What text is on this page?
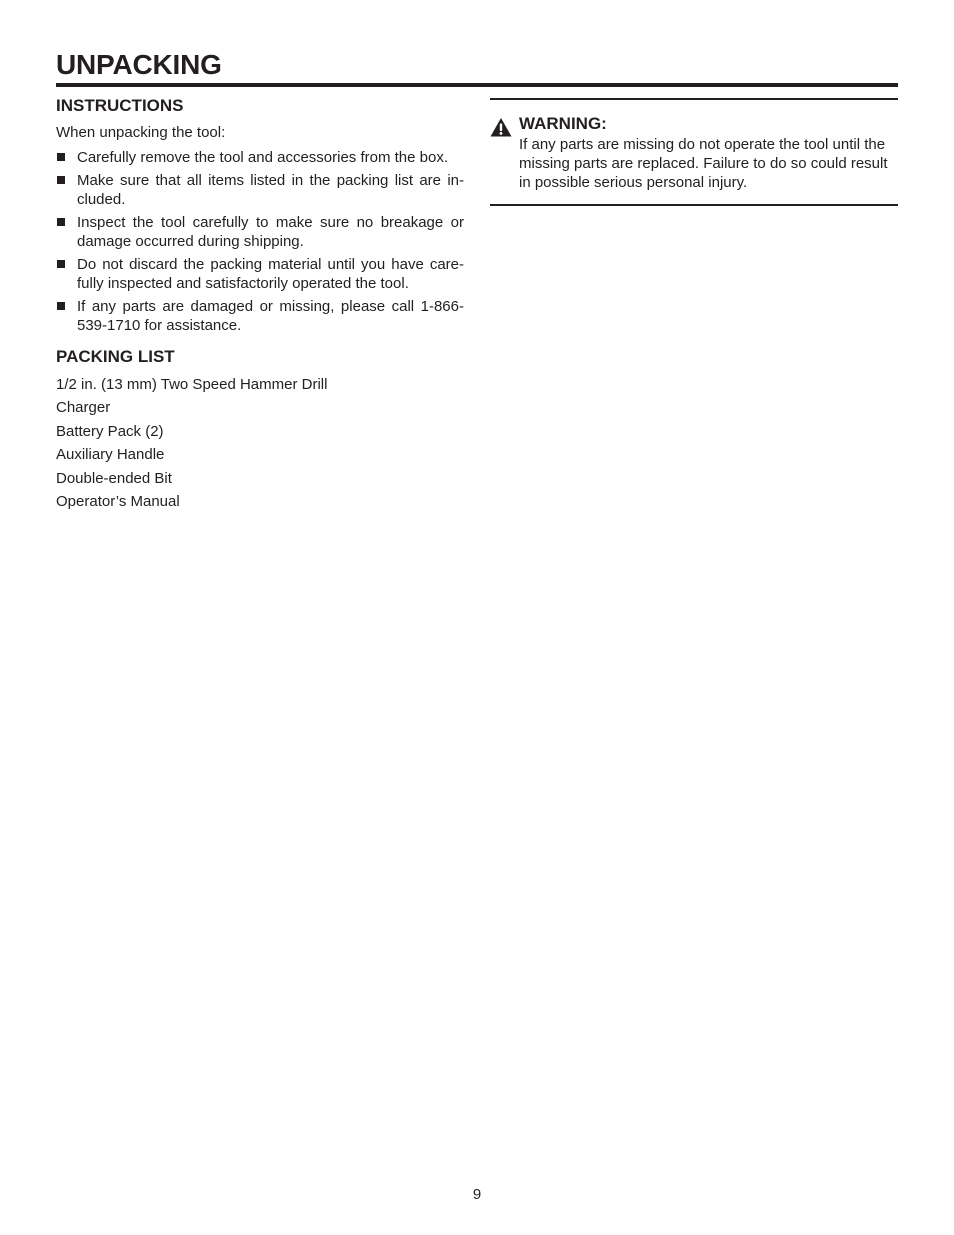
UNPACKING
INSTRUCTIONS

When unpacking the tool:

Carefully remove the tool and accessories from the box.
Make sure that all items listed in the packing list are in-cluded.
Inspect the tool carefully to make sure no breakage or damage occurred during shipping.
Do not discard the packing material until you have care-fully inspected and satisfactorily operated the tool.
If any parts are damaged or missing, please call 1-866-539-1710 for assistance.
PACKING LIST
1/2 in. (13 mm) Two Speed Hammer Drill
Charger
Battery Pack (2)
Auxiliary Handle
Double-ended Bit
Operator’s Manual
WARNING:
If any parts are missing do not operate the tool until the missing parts are replaced. Failure to do so could result in possible serious personal injury.
9
